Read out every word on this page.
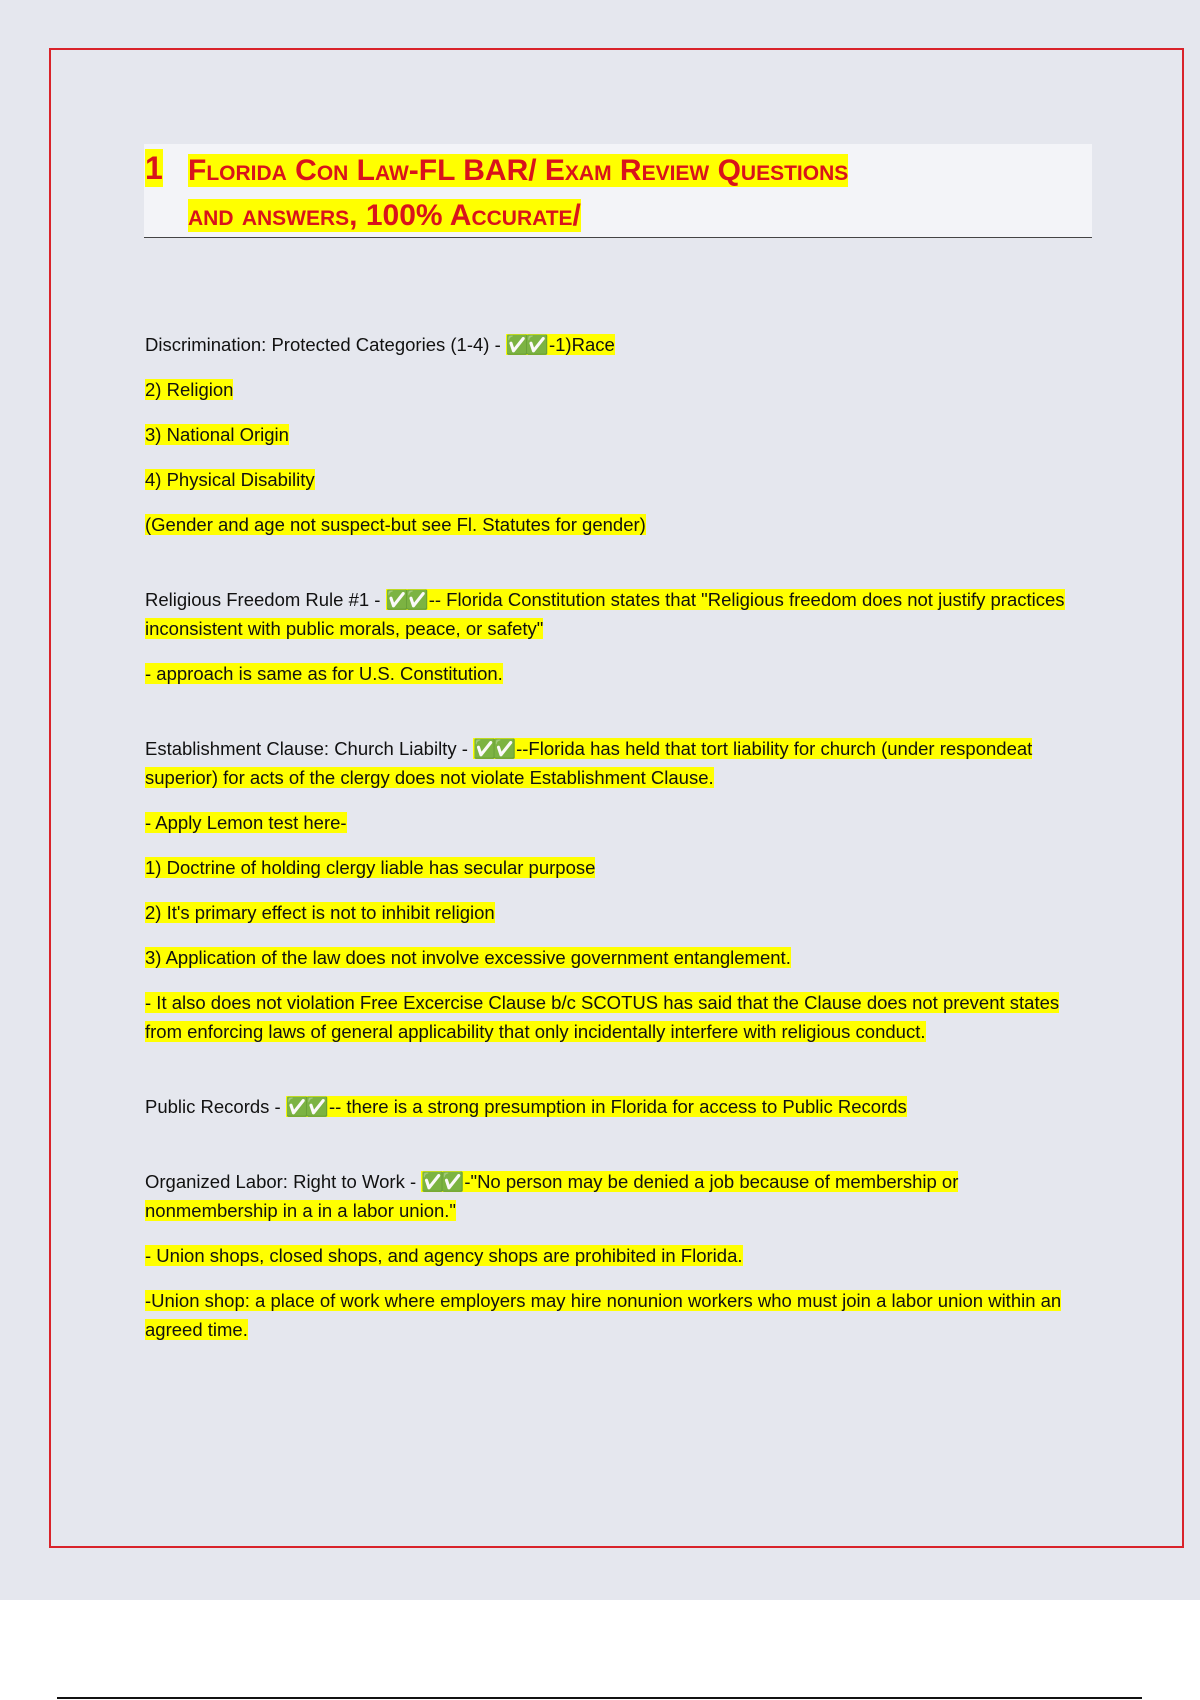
1 Florida Con Law-FL BAR/ Exam Review Questions
and answers, 100% Accurate/

Discrimination: Protected Categories (1-4) - ✅✅ -1)Race

2) Religion

3) National Origin

4) Physical Disability

(Gender and age not suspect-but see Fl. Statutes for gender)

Religious Freedom Rule #1 - ✅✅ -- Florida Constitution states that "Religious freedom does not justify practices inconsistent with public morals, peace, or safety"

- approach is same as for U.S. Constitution.

Establishment Clause: Church Liabilty - ✅✅ --Florida has held that tort liability for church (under respondeat superior) for acts of the clergy does not violate Establishment Clause.

- Apply Lemon test here-

1) Doctrine of holding clergy liable has secular purpose

2) It's primary effect is not to inhibit religion

3) Application of the law does not involve excessive government entanglement.

- It also does not violation Free Excercise Clause b/c SCOTUS has said that the Clause does not prevent states from enforcing laws of general applicability that only incidentally interfere with religious conduct.

Public Records - ✅✅ -- there is a strong presumption in Florida for access to Public Records

Organized Labor: Right to Work - ✅✅ -"No person may be denied a job because of membership or nonmembership in a in a labor union."

- Union shops, closed shops, and agency shops are prohibited in Florida.

-Union shop: a place of work where employers may hire nonunion workers who must join a labor union within an agreed time.
